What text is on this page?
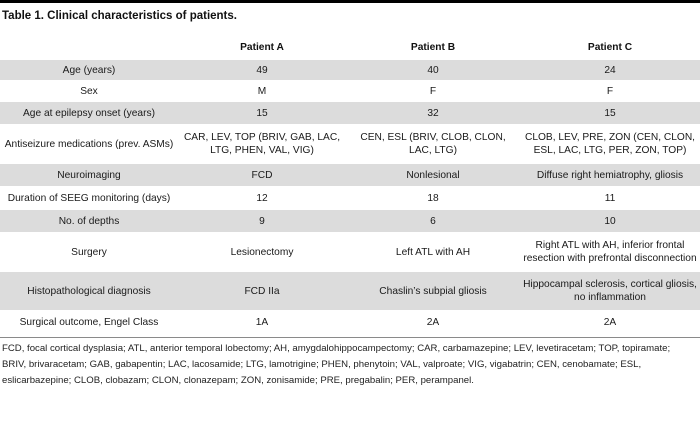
Table 1. Clinical characteristics of patients.
	Patient A	Patient B	Patient C
Age (years)	49	40	24
Sex	M	F	F
Age at epilepsy onset (years)	15	32	15
Antiseizure medications (prev. ASMs)	CAR, LEV, TOP (BRIV, GAB, LAC, LTG, PHEN, VAL, VIG)	CEN, ESL (BRIV, CLOB, CLON, LAC, LTG)	CLOB, LEV, PRE, ZON (CEN, CLON, ESL, LAC, LTG, PER, ZON, TOP)
Neuroimaging	FCD	Nonlesional	Diffuse right hemiatrophy, gliosis
Duration of SEEG monitoring (days)	12	18	11
No. of depths	9	6	10
Surgery	Lesionectomy	Left ATL with AH	Right ATL with AH, inferior frontal resection with prefrontal disconnection
Histopathological diagnosis	FCD IIa	Chaslin’s subpial gliosis	Hippocampal sclerosis, cortical gliosis, no inflammation
Surgical outcome, Engel Class	1A	2A	2A
FCD, focal cortical dysplasia; ATL, anterior temporal lobectomy; AH, amygdalohippocampectomy; CAR, carbamazepine; LEV, levetiracetam; TOP, topiramate; BRIV, brivaracetam; GAB, gabapentin; LAC, lacosamide; LTG, lamotrigine; PHEN, phenytoin; VAL, valproate; VIG, vigabatrin; CEN, cenobamate; ESL, eslicarbazepine; CLOB, clobazam; CLON, clonazepam; ZON, zonisamide; PRE, pregabalin; PER, perampanel.
